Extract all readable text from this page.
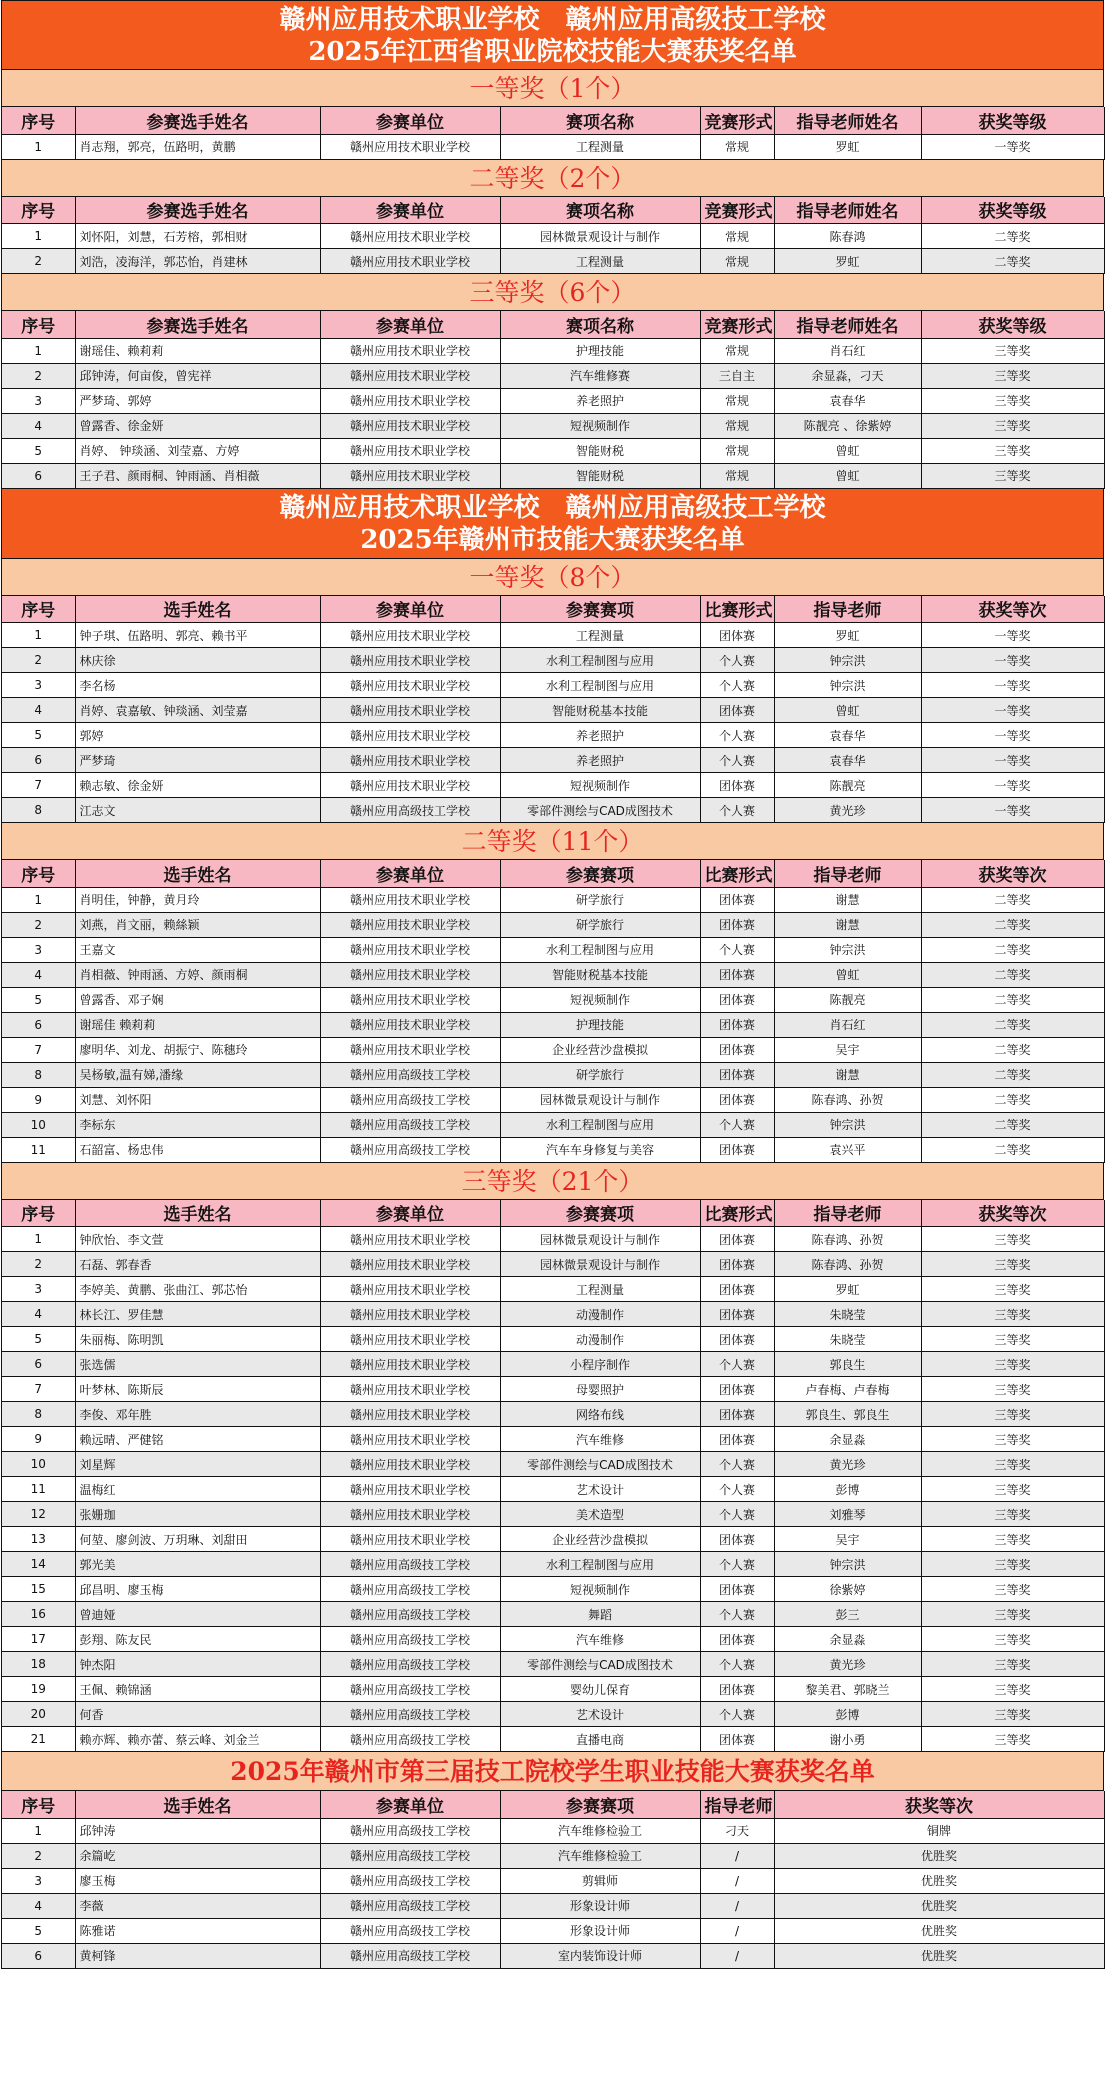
赣州应用技术职业学校　赣州应用高级技工学校
2025年江西省职业院校技能大赛获奖名单
一等奖（1个）
序号	参赛选手姓名	参赛单位	赛项名称	竞赛形式	指导老师姓名	获奖等级
1	肖志翔，郭亮，伍路明，黄鹏	赣州应用技术职业学校	工程测量	常规	罗虹	一等奖
二等奖（2个）
序号	参赛选手姓名	参赛单位	赛项名称	竞赛形式	指导老师姓名	获奖等级
1	刘怀阳，刘慧，石芳榕，郭相财	赣州应用技术职业学校	园林微景观设计与制作	常规	陈春鸿	二等奖
2	刘浩，凌海洋，郭芯怡，肖建林	赣州应用技术职业学校	工程测量	常规	罗虹	二等奖
三等奖（6个）
序号	参赛选手姓名	参赛单位	赛项名称	竞赛形式	指导老师姓名	获奖等级
1	谢瑶佳、赖莉莉	赣州应用技术职业学校	护理技能	常规	肖石红	三等奖
2	邱钟涛，何亩俊，曾宪祥	赣州应用技术职业学校	汽车维修赛	三自主	余显淼，刁天	三等奖
3	严梦琦、郭婷	赣州应用技术职业学校	养老照护	常规	袁春华	三等奖
4	曾露香、徐金妍	赣州应用技术职业学校	短视频制作	常规	陈靓亮 、徐紫婷	三等奖
5	肖婷、 钟琰涵、刘莹嘉、方婷	赣州应用技术职业学校	智能财税	常规	曾虹	三等奖
6	王子君、颜雨桐、钟雨涵、肖相薇	赣州应用技术职业学校	智能财税	常规	曾虹	三等奖
赣州应用技术职业学校　赣州应用高级技工学校
2025年赣州市技能大赛获奖名单
一等奖（8个）
序号	选手姓名	参赛单位	参赛赛项	比赛形式	指导老师	获奖等次
1	钟子琪、伍路明、郭亮、赖书平	赣州应用技术职业学校	工程测量	团体赛	罗虹	一等奖
2	林庆徐	赣州应用技术职业学校	水利工程制图与应用	个人赛	钟宗洪	一等奖
3	李名杨	赣州应用技术职业学校	水利工程制图与应用	个人赛	钟宗洪	一等奖
4	肖婷、袁嘉敏、钟琰涵、刘莹嘉	赣州应用技术职业学校	智能财税基本技能	团体赛	曾虹	一等奖
5	郭婷	赣州应用技术职业学校	养老照护	个人赛	袁春华	一等奖
6	严梦琦	赣州应用技术职业学校	养老照护	个人赛	袁春华	一等奖
7	赖志敏、徐金妍	赣州应用技术职业学校	短视频制作	团体赛	陈靓亮	一等奖
8	江志文	赣州应用高级技工学校	零部件测绘与CAD成图技术	个人赛	黄光珍	一等奖
二等奖（11个）
序号	选手姓名	参赛单位	参赛赛项	比赛形式	指导老师	获奖等次
1	肖明佳，钟静，黄月玲	赣州应用技术职业学校	研学旅行	团体赛	谢慧	二等奖
2	刘燕，肖文丽，赖絲颖	赣州应用技术职业学校	研学旅行	团体赛	谢慧	二等奖
3	王嘉文	赣州应用技术职业学校	水利工程制图与应用	个人赛	钟宗洪	二等奖
4	肖相薇、钟雨涵、方婷、颜雨桐	赣州应用技术职业学校	智能财税基本技能	团体赛	曾虹	二等奖
5	曾露香、邓子娴	赣州应用技术职业学校	短视频制作	团体赛	陈靓亮	二等奖
6	谢瑶佳 赖莉莉	赣州应用技术职业学校	护理技能	团体赛	肖石红	二等奖
7	廖明华、刘龙、胡振宁、陈穗玲	赣州应用技术职业学校	企业经营沙盘模拟	团体赛	吴宇	二等奖
8	吴杨敏,温有娣,潘缘	赣州应用高级技工学校	研学旅行	团体赛	谢慧	二等奖
9	刘慧、刘怀阳	赣州应用高级技工学校	园林微景观设计与制作	团体赛	陈春鸿、孙贺	二等奖
10	李标东	赣州应用高级技工学校	水利工程制图与应用	个人赛	钟宗洪	二等奖
11	石韶富、杨忠伟	赣州应用高级技工学校	汽车车身修复与美容	团体赛	袁兴平	二等奖
三等奖（21个）
序号	选手姓名	参赛单位	参赛赛项	比赛形式	指导老师	获奖等次
1	钟欣怡、李文萱	赣州应用技术职业学校	园林微景观设计与制作	团体赛	陈春鸿、孙贺	三等奖
2	石磊、郭春香	赣州应用技术职业学校	园林微景观设计与制作	团体赛	陈春鸿、孙贺	三等奖
3	李婷美、黄鹏、张曲江、郭芯怡	赣州应用技术职业学校	工程测量	团体赛	罗虹	三等奖
4	林长江、罗佳慧	赣州应用技术职业学校	动漫制作	团体赛	朱晓莹	三等奖
5	朱丽梅、陈明凯	赣州应用技术职业学校	动漫制作	团体赛	朱晓莹	三等奖
6	张选儒	赣州应用技术职业学校	小程序制作	个人赛	郭良生	三等奖
7	叶梦林、陈斯辰	赣州应用技术职业学校	母婴照护	团体赛	卢春梅、卢春梅	三等奖
8	李俊、邓年胜	赣州应用技术职业学校	网络布线	团体赛	郭良生、郭良生	三等奖
9	赖远晴、严健铭	赣州应用技术职业学校	汽车维修	团体赛	余显淼	三等奖
10	刘星辉	赣州应用技术职业学校	零部件测绘与CAD成图技术	个人赛	黄光珍	三等奖
11	温梅红	赣州应用技术职业学校	艺术设计	个人赛	彭博	三等奖
12	张姗珈	赣州应用技术职业学校	美术造型	个人赛	刘雅琴	三等奖
13	何堃、廖剑波、万玥琳、刘甜田	赣州应用技术职业学校	企业经营沙盘模拟	团体赛	吴宇	三等奖
14	郭光美	赣州应用高级技工学校	水利工程制图与应用	个人赛	钟宗洪	三等奖
15	邱昌明、廖玉梅	赣州应用高级技工学校	短视频制作	团体赛	徐紫婷	三等奖
16	曾迪娅	赣州应用高级技工学校	舞蹈	个人赛	彭三	三等奖
17	彭翔、陈友民	赣州应用高级技工学校	汽车维修	团体赛	余显淼	三等奖
18	钟杰阳	赣州应用高级技工学校	零部件测绘与CAD成图技术	个人赛	黄光珍	三等奖
19	王佩、赖锦涵	赣州应用高级技工学校	婴幼儿保育	团体赛	黎美君、郭晓兰	三等奖
20	何香	赣州应用高级技工学校	艺术设计	个人赛	彭博	三等奖
21	赖亦辉、赖亦蕾、蔡云峰、刘金兰	赣州应用高级技工学校	直播电商	团体赛	谢小勇	三等奖
2025年赣州市第三届技工院校学生职业技能大赛获奖名单
序号	选手姓名	参赛单位	参赛赛项	指导老师	获奖等次
1	邱钟涛	赣州应用高级技工学校	汽车维修检验工	刁天	铜牌
2	余篇屹	赣州应用高级技工学校	汽车维修检验工	/	优胜奖
3	廖玉梅	赣州应用高级技工学校	剪辑师	/	优胜奖
4	李薇	赣州应用高级技工学校	形象设计师	/	优胜奖
5	陈雅诺	赣州应用高级技工学校	形象设计师	/	优胜奖
6	黄柯锋	赣州应用高级技工学校	室内装饰设计师	/	优胜奖
